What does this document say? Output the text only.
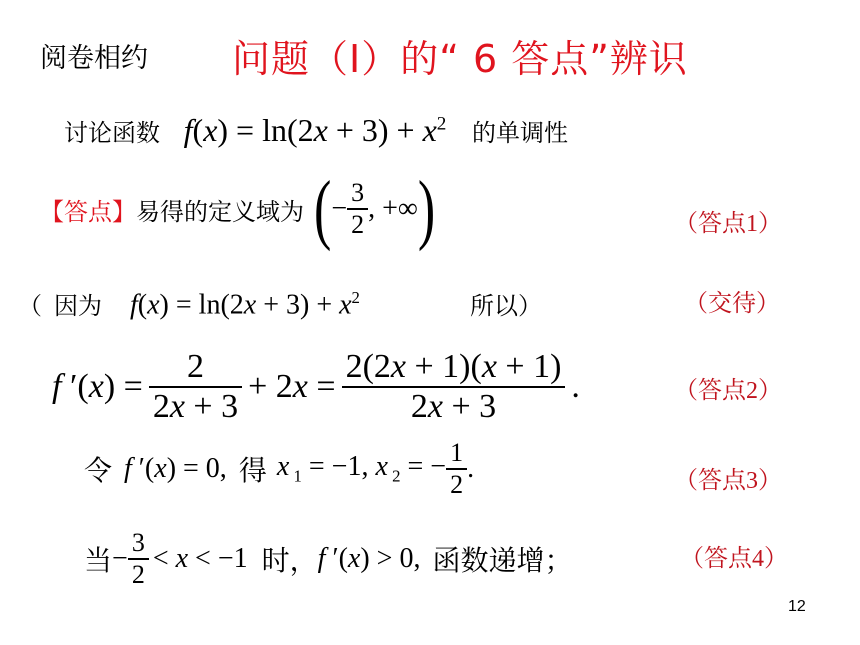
阅卷相约 问题（Ⅰ）的“ 6 答点”辨识
讨论函数 $f(x) = \ln(2x + 3) + x^2$ 的单调性
【答点】 易得的定义域为 ( − $\frac{3}{2}$ , +∞ )	（答点1）
（ 因为 $f(x) = \ln(2x + 3) + x^2$	所以）	（交待）
f $'(x) = \frac{2}{2x + 3} + 2x = \frac{2(2x + 1)(x + 1)}{2x + 3}$ .	（答点2）
令 f ′(x) = 0, 得 x $_1$ = −1, x $_2$ = − $\frac{1}{2}$ .	（答点3）
当 − $\frac{3}{2} < x < -1$ 时， f ′(x) > 0, 函数递增；	（答点4）
12
